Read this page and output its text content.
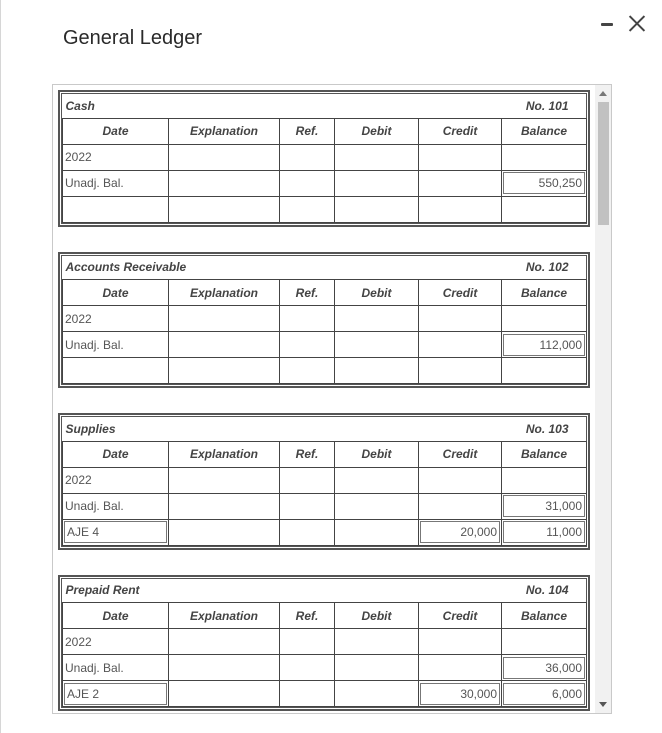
General Ledger
Cash				No. 101	
Date	Explanation	Ref.	Debit	Credit	Balance
2022					
Unadj. Bal.					550,250

Accounts Receivable				No. 102	
Date	Explanation	Ref.	Debit	Credit	Balance
2022					
Unadj. Bal.					112,000

Supplies				No. 103	
Date	Explanation	Ref.	Debit	Credit	Balance
2022					
Unadj. Bal.					31,000

AJE 4				20,000	11,000
Prepaid Rent				No. 104	
Date	Explanation	Ref.	Debit	Credit	Balance
2022					
Unadj. Bal.					36,000

AJE 2				30,000	6,000
